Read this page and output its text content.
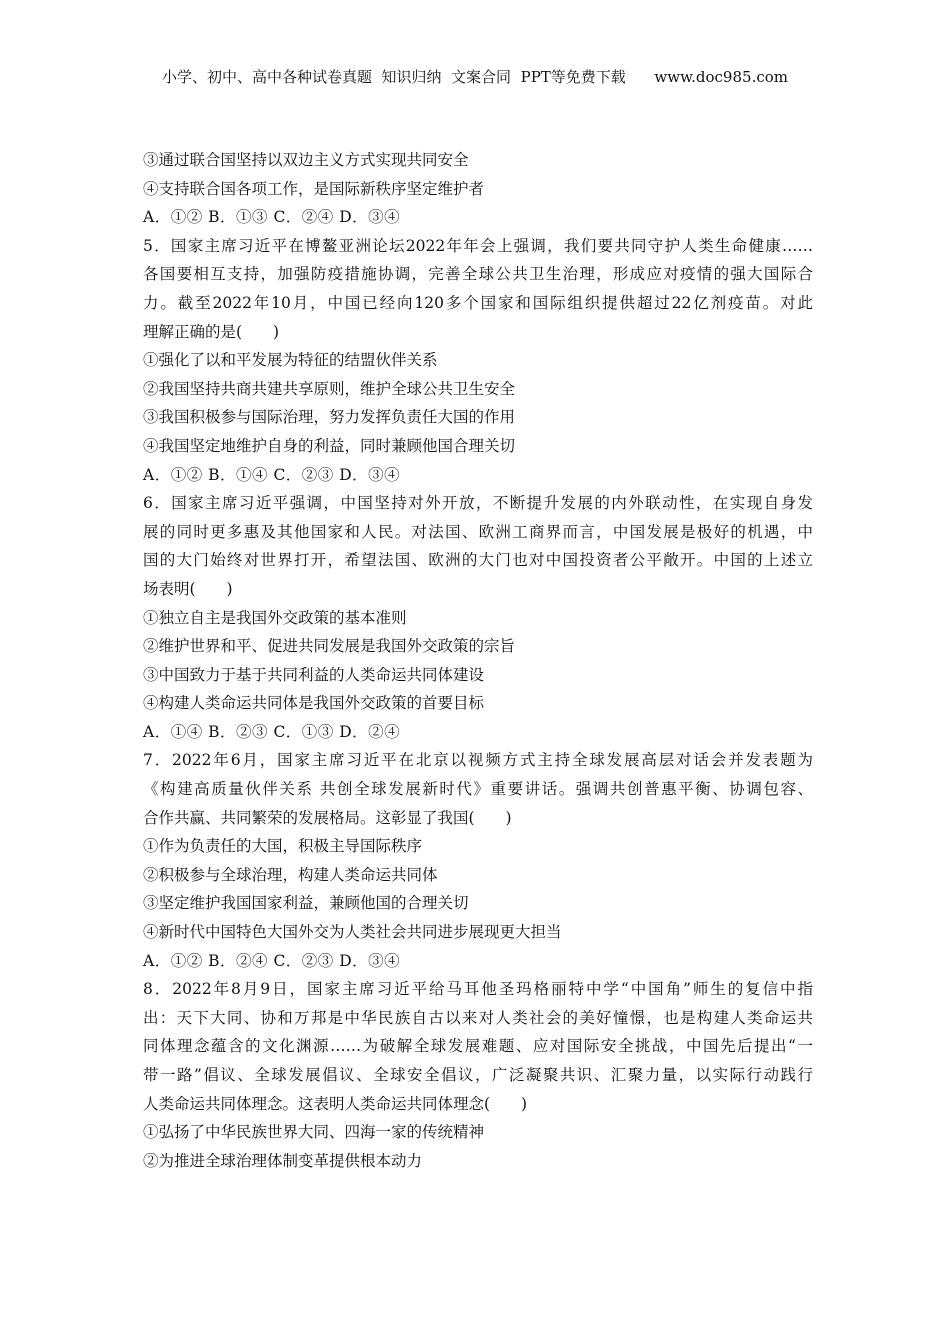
小学、初中、高中各种试卷真题  知识归纳  文案合同  PPT等免费下载      www.doc985.com
③通过联合国坚持以双边主义方式实现共同安全
④支持联合国各项工作，是国际新秩序坚定维护者
A．①② B．①③ C．②④ D．③④
5．国家主席习近平在博鳌亚洲论坛2022年年会上强调，我们要共同守护人类生命健康……
各国要相互支持，加强防疫措施协调，完善全球公共卫生治理，形成应对疫情的强大国际合
力。截至2022年10月，中国已经向120多个国家和国际组织提供超过22亿剂疫苗。对此
理解正确的是(　　)
①强化了以和平发展为特征的结盟伙伴关系
②我国坚持共商共建共享原则，维护全球公共卫生安全
③我国积极参与国际治理，努力发挥负责任大国的作用
④我国坚定地维护自身的利益，同时兼顾他国合理关切
A．①② B．①④ C．②③ D．③④
6．国家主席习近平强调，中国坚持对外开放，不断提升发展的内外联动性，在实现自身发
展的同时更多惠及其他国家和人民。对法国、欧洲工商界而言，中国发展是极好的机遇，中
国的大门始终对世界打开，希望法国、欧洲的大门也对中国投资者公平敞开。中国的上述立
场表明(　　)
①独立自主是我国外交政策的基本准则
②维护世界和平、促进共同发展是我国外交政策的宗旨
③中国致力于基于共同利益的人类命运共同体建设
④构建人类命运共同体是我国外交政策的首要目标
A．①④ B．②③ C．①③ D．②④
7．2022年6月，国家主席习近平在北京以视频方式主持全球发展高层对话会并发表题为
《构建高质量伙伴关系 共创全球发展新时代》重要讲话。强调共创普惠平衡、协调包容、
合作共赢、共同繁荣的发展格局。这彰显了我国(　　)
①作为负责任的大国，积极主导国际秩序
②积极参与全球治理，构建人类命运共同体
③坚定维护我国国家利益，兼顾他国的合理关切
④新时代中国特色大国外交为人类社会共同进步展现更大担当
A．①② B．②④ C．②③ D．③④
8．2022年8月9日，国家主席习近平给马耳他圣玛格丽特中学“中国角”师生的复信中指
出：天下大同、协和万邦是中华民族自古以来对人类社会的美好憧憬，也是构建人类命运共
同体理念蕴含的文化渊源……为破解全球发展难题、应对国际安全挑战，中国先后提出“一
带一路”倡议、全球发展倡议、全球安全倡议，广泛凝聚共识、汇聚力量，以实际行动践行
人类命运共同体理念。这表明人类命运共同体理念(　　)
①弘扬了中华民族世界大同、四海一家的传统精神
②为推进全球治理体制变革提供根本动力
